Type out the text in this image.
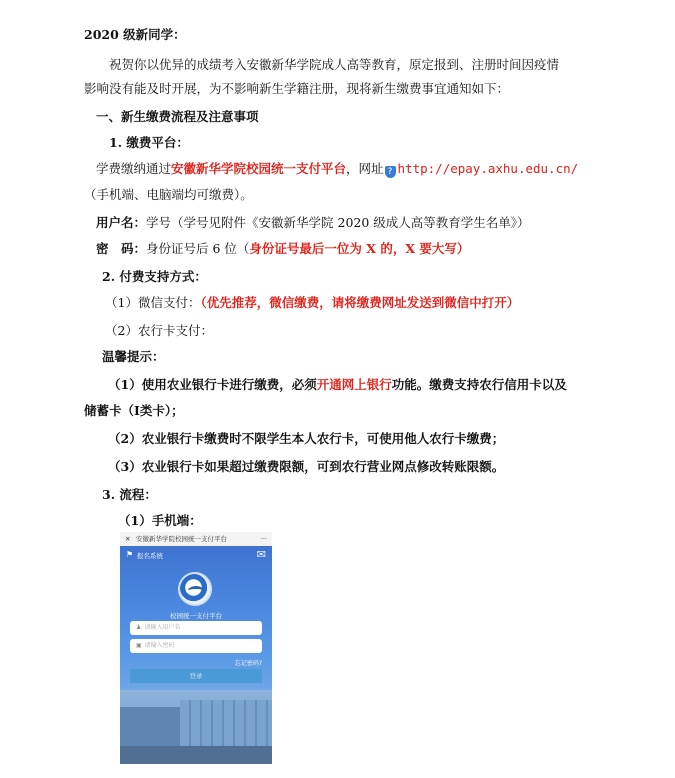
2020 级新同学：
祝贺你以优异的成绩考入安徽新华学院成人高等教育，原定报到、注册时间因疫情
影响没有能及时开展，为不影响新生学籍注册，现将新生缴费事宜通知如下：
一、新生缴费流程及注意事项
1. 缴费平台：
学费缴纳通过安徽新华学院校园统一支付平台，网址 ? http://epay.axhu.edu.cn/
（手机端、电脑端均可缴费）。
用户名：学号（学号见附件《安徽新华学院 2020 级成人高等教育学生名单》）
密　码：身份证号后 6 位（身份证号最后一位为 X 的，X 要大写）
2. 付费支持方式：
（1）微信支付：（优先推荐，微信缴费，请将缴费网址发送到微信中打开）
（2）农行卡支付：
温馨提示：
（1）使用农业银行卡进行缴费，必须开通网上银行功能。缴费支持农行信用卡以及
储蓄卡（Ⅰ类卡）；
（2）农业银行卡缴费时不限学生本人农行卡，可使用他人农行卡缴费；
（3）农业银行卡如果超过缴费限额，可到农行营业网点修改转账限额。
3. 流程：
（1）手机端：
✕ 安徽新华学院校园统一支付平台	···
⚑ 报名系统	✉
校园统一支付平台
♟ 请输入用户名
▣ 请输入密码
忘记密码?
登录
